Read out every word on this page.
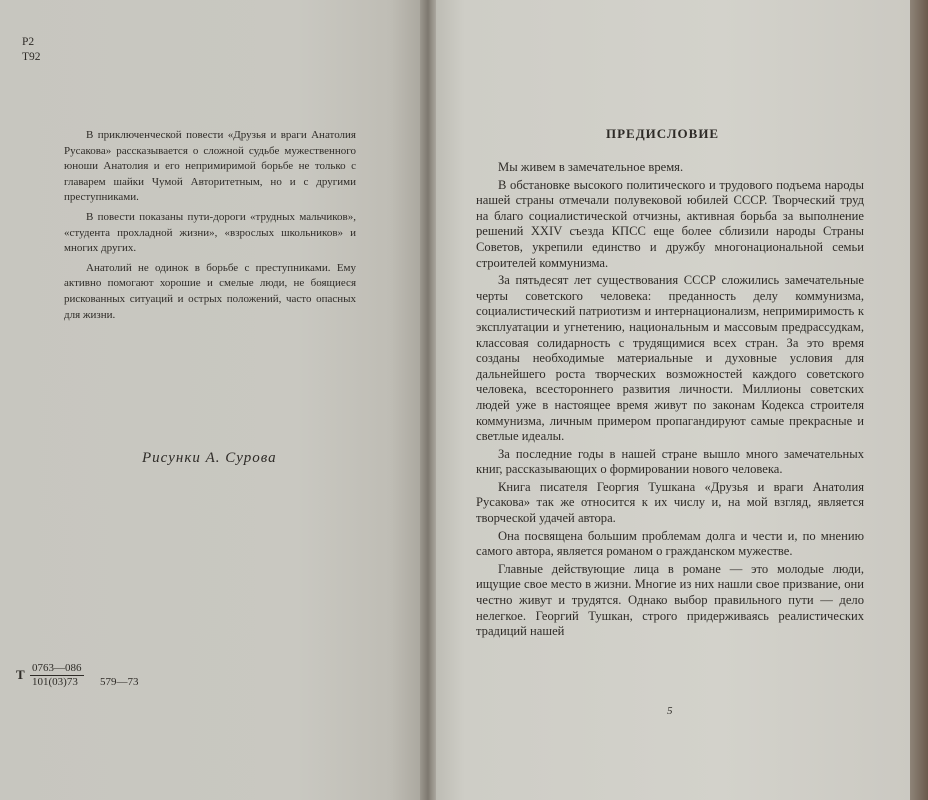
Р2
Т92

В приключенческой повести «Друзья и враги Анатолия Русакова» рассказывается о сложной судьбе мужественного юноши Анатолия и его непримиримой борьбе не только с главарем шайки Чумой Авторитетным, но и с другими преступниками.

В повести показаны пути-дороги «трудных мальчиков», «студента прохладной жизни», «взрослых школьников» и многих других.

Анатолий не одинок в борьбе с преступниками. Ему активно помогают хорошие и смелые люди, не боящиеся рискованных ситуаций и острых положений, часто опасных для жизни.

Рисунки А. Сурова
Т $\frac{0763—086}{101(03)73}$ 579—73
ПРЕДИСЛОВИЕ

Мы живем в замечательное время.

В обстановке высокого политического и трудового подъема народы нашей страны отмечали полувековой юбилей СССР. Творческий труд на благо социалистической отчизны, активная борьба за выполнение решений XXIV съезда КПСС еще более сблизили народы Страны Советов, укрепили единство и дружбу многонациональной семьи строителей коммунизма.

За пятьдесят лет существования СССР сложились замечательные черты советского человека: преданность делу коммунизма, социалистический патриотизм и интернационализм, непримиримость к эксплуатации и угнетению, национальным и массовым предрассудкам, классовая солидарность с трудящимися всех стран. За это время созданы необходимые материальные и духовные условия для дальнейшего роста творческих возможностей каждого советского человека, всестороннего развития личности. Миллионы советских людей уже в настоящее время живут по законам Кодекса строителя коммунизма, личным примером пропагандируют самые прекрасные и светлые идеалы.

За последние годы в нашей стране вышло много замечательных книг, рассказывающих о формировании нового человека.

Книга писателя Георгия Тушкана «Друзья и враги Анатолия Русакова» так же относится к их числу и, на мой взгляд, является творческой удачей автора.

Она посвящена большим проблемам долга и чести и, по мнению самого автора, является романом о гражданском мужестве.

Главные действующие лица в романе — это молодые люди, ищущие свое место в жизни. Многие из них нашли свое призвание, они честно живут и трудятся. Однако выбор правильного пути — дело нелегкое. Георгий Тушкан, строго придерживаясь реалистических традиций нашей

5
